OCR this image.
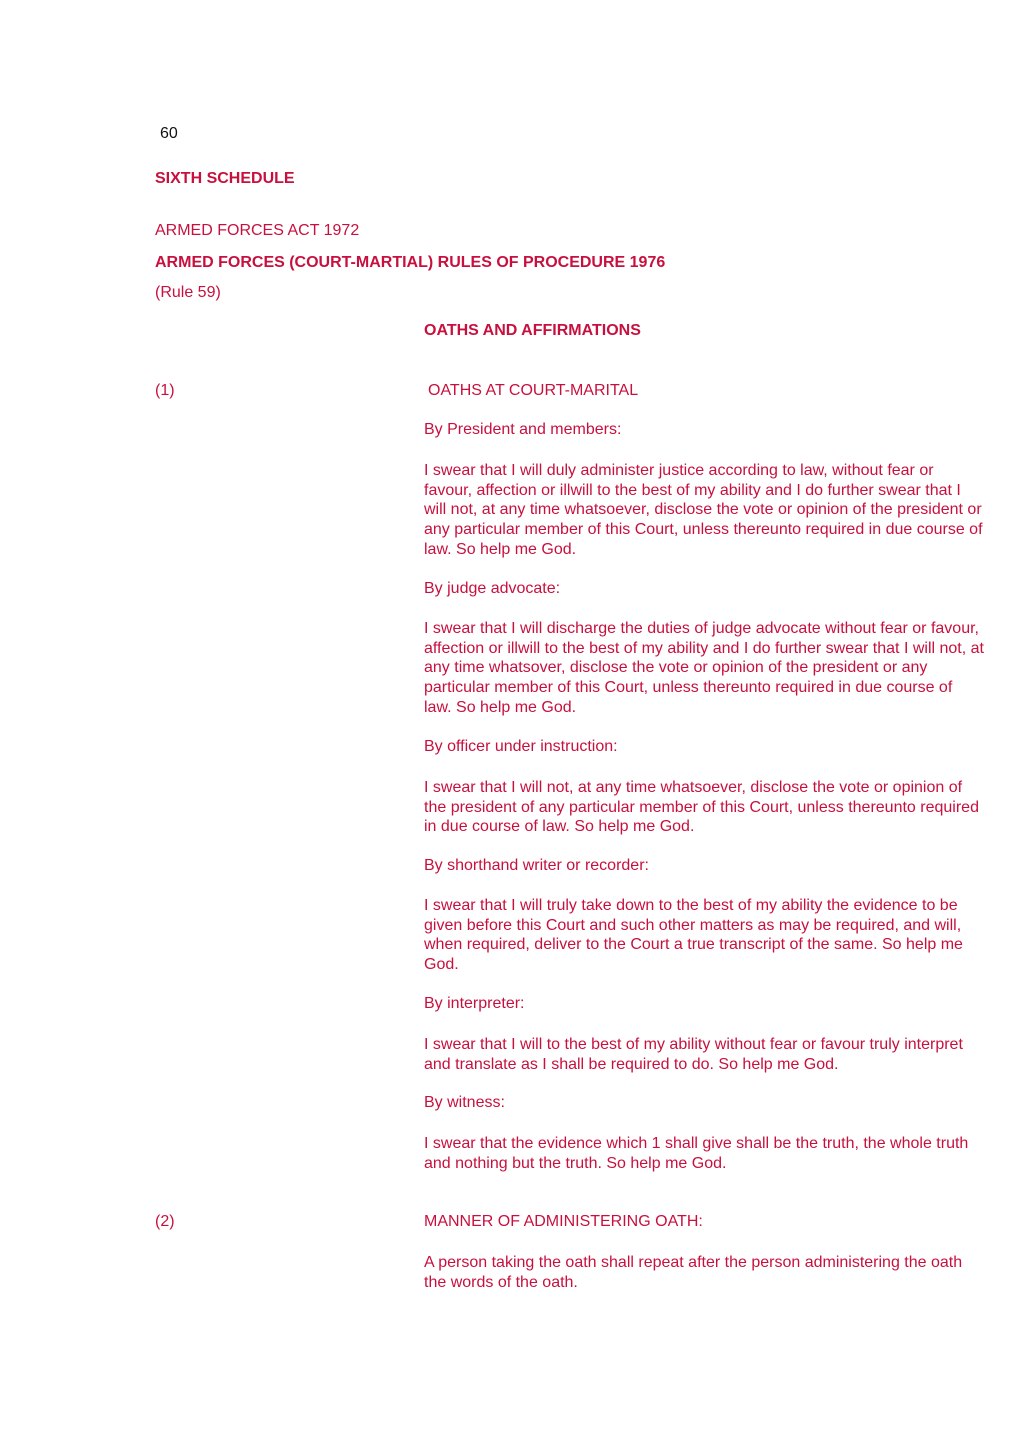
60

SIXTH SCHEDULE

ARMED FORCES ACT 1972

ARMED FORCES (COURT-MARTIAL) RULES OF PROCEDURE 1976

(Rule 59)

OATHS AND AFFIRMATIONS

(1)	OATHS AT COURT-MARITAL

By President and members:

I swear that I will duly administer justice according to law, without fear or favour, affection or illwill to the best of my ability and I do further swear that I will not, at any time whatsoever, disclose the vote or opinion of the president or any particular member of this Court, unless thereunto required in due course of law. So help me God.

By judge advocate:

I swear that I will discharge the duties of judge advocate without fear or favour, affection or illwill to the best of my ability and I do further swear that I will not, at any time whatsover, disclose the vote or opinion of the president or any particular member of this Court, unless thereunto required in due course of law. So help me God.

By officer under instruction:

I swear that I will not, at any time whatsoever, disclose the vote or opinion of the president of any particular member of this Court, unless thereunto required in due course of law. So help me God.

By shorthand writer or recorder:

I swear that I will truly take down to the best of my ability the evidence to be given before this Court and such other matters as may be required, and will, when required, deliver to the Court a true transcript of the same. So help me God.

By interpreter:

I swear that I will to the best of my ability without fear or favour truly interpret and translate as I shall be required to do. So help me God.

By witness:

I swear that the evidence which 1 shall give shall be the truth, the whole truth and nothing but the truth. So help me God.

(2)	MANNER OF ADMINISTERING OATH:

A person taking the oath shall repeat after the person administering the oath the words of the oath.
